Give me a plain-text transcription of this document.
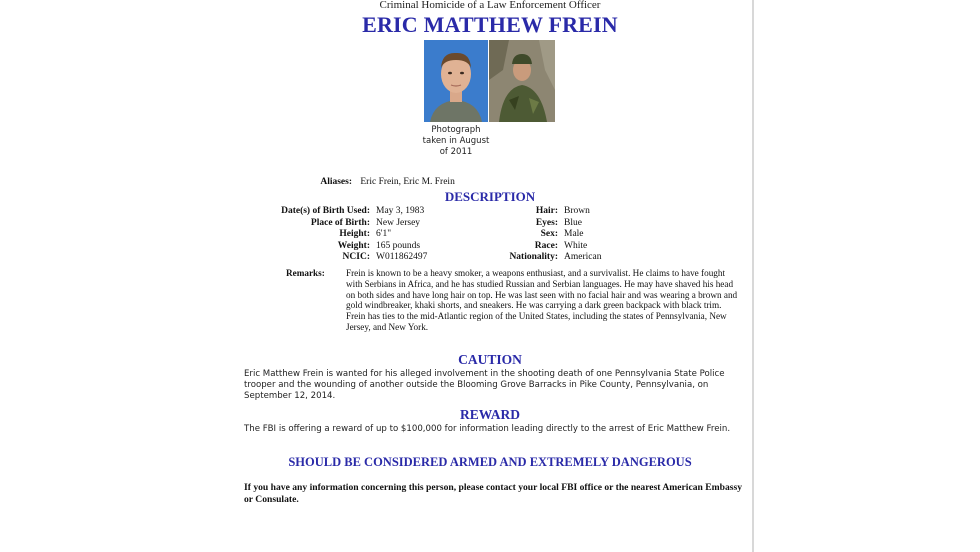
Criminal Homicide of a Law Enforcement Officer
ERIC MATTHEW FREIN
Photograph taken in August of 2011
Aliases: Eric Frein, Eric M. Frein
DESCRIPTION
Date(s) of Birth Used: May 3, 1983
Place of Birth: New Jersey
Height: 6'1"
Weight: 165 pounds
NCIC: W011862497
Hair: Brown
Eyes: Blue
Sex: Male
Race: White
Nationality: American
Remarks: Frein is known to be a heavy smoker, a weapons enthusiast, and a survivalist. He claims to have fought with Serbians in Africa, and he has studied Russian and Serbian languages. He may have shaved his head on both sides and have long hair on top. He was last seen with no facial hair and was wearing a brown and gold windbreaker, khaki shorts, and sneakers. He was carrying a dark green backpack with black trim. Frein has ties to the mid-Atlantic region of the United States, including the states of Pennsylvania, New Jersey, and New York.
CAUTION
Eric Matthew Frein is wanted for his alleged involvement in the shooting death of one Pennsylvania State Police trooper and the wounding of another outside the Blooming Grove Barracks in Pike County, Pennsylvania, on September 12, 2014.
REWARD
The FBI is offering a reward of up to $100,000 for information leading directly to the arrest of Eric Matthew Frein.
SHOULD BE CONSIDERED ARMED AND EXTREMELY DANGEROUS
If you have any information concerning this person, please contact your local FBI office or the nearest American Embassy or Consulate.
